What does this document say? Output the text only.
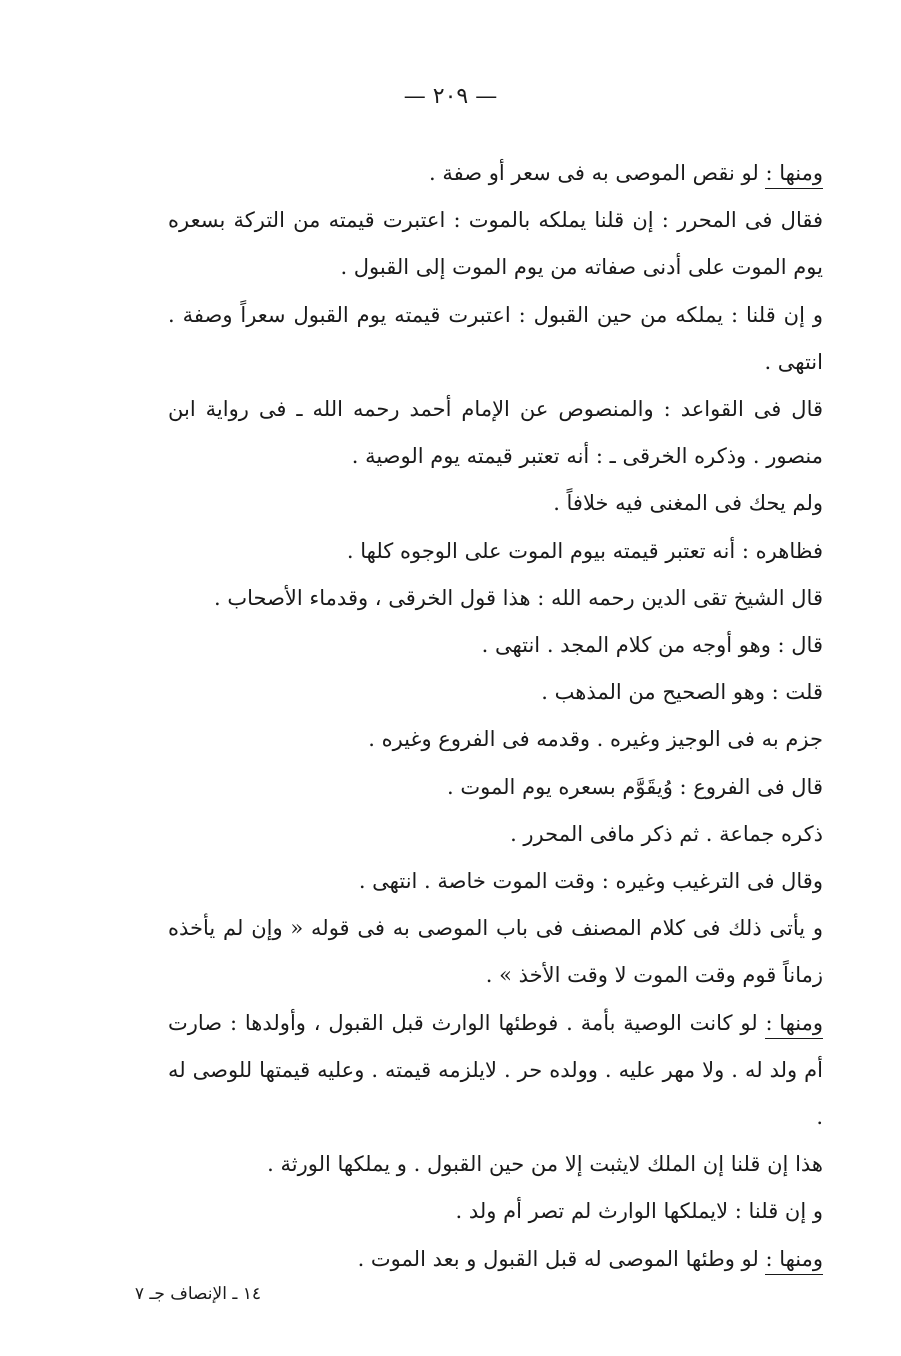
— ٢٠٩ —

ومنها : لو نقص الموصى به فى سعر أو صفة .

فقال فى المحرر : إن قلنا يملكه بالموت : اعتبرت قيمته من التركة بسعره يوم الموت على أدنى صفاته من يوم الموت إلى القبول .

و إن قلنا : يملكه من حين القبول : اعتبرت قيمته يوم القبول سعراً وصفة . انتهى .

قال فى القواعد : والمنصوص عن الإمام أحمد رحمه الله ـ فى رواية ابن منصور . وذكره الخرقى ـ : أنه تعتبر قيمته يوم الوصية .

ولم يحك فى المغنى فيه خلافاً .

فظاهره : أنه تعتبر قيمته بيوم الموت على الوجوه كلها .

قال الشيخ تقى الدين رحمه الله : هذا قول الخرقى ، وقدماء الأصحاب .

قال : وهو أوجه من كلام المجد . انتهى .

قلت : وهو الصحيح من المذهب .

جزم به فى الوجيز وغيره . وقدمه فى الفروع وغيره .

قال فى الفروع : وُيقَوَّم بسعره يوم الموت .

ذكره جماعة . ثم ذكر مافى المحرر .

وقال فى الترغيب وغيره : وقت الموت خاصة . انتهى .

و يأتى ذلك فى كلام المصنف فى باب الموصى به فى قوله « وإن لم يأخذه زماناً قوم وقت الموت لا وقت الأخذ » .

ومنها : لو كانت الوصية بأمة . فوطئها الوارث قبل القبول ، وأولدها : صارت أم ولد له . ولا مهر عليه . وولده حر . لايلزمه قيمته . وعليه قيمتها للوصى له .

هذا إن قلنا إن الملك لايثبت إلا من حين القبول . و يملكها الورثة .

و إن قلنا : لايملكها الوارث لم تصر أم ولد .

ومنها : لو وطئها الموصى له قبل القبول و بعد الموت .

١٤ ـ الإنصاف جـ ٧
